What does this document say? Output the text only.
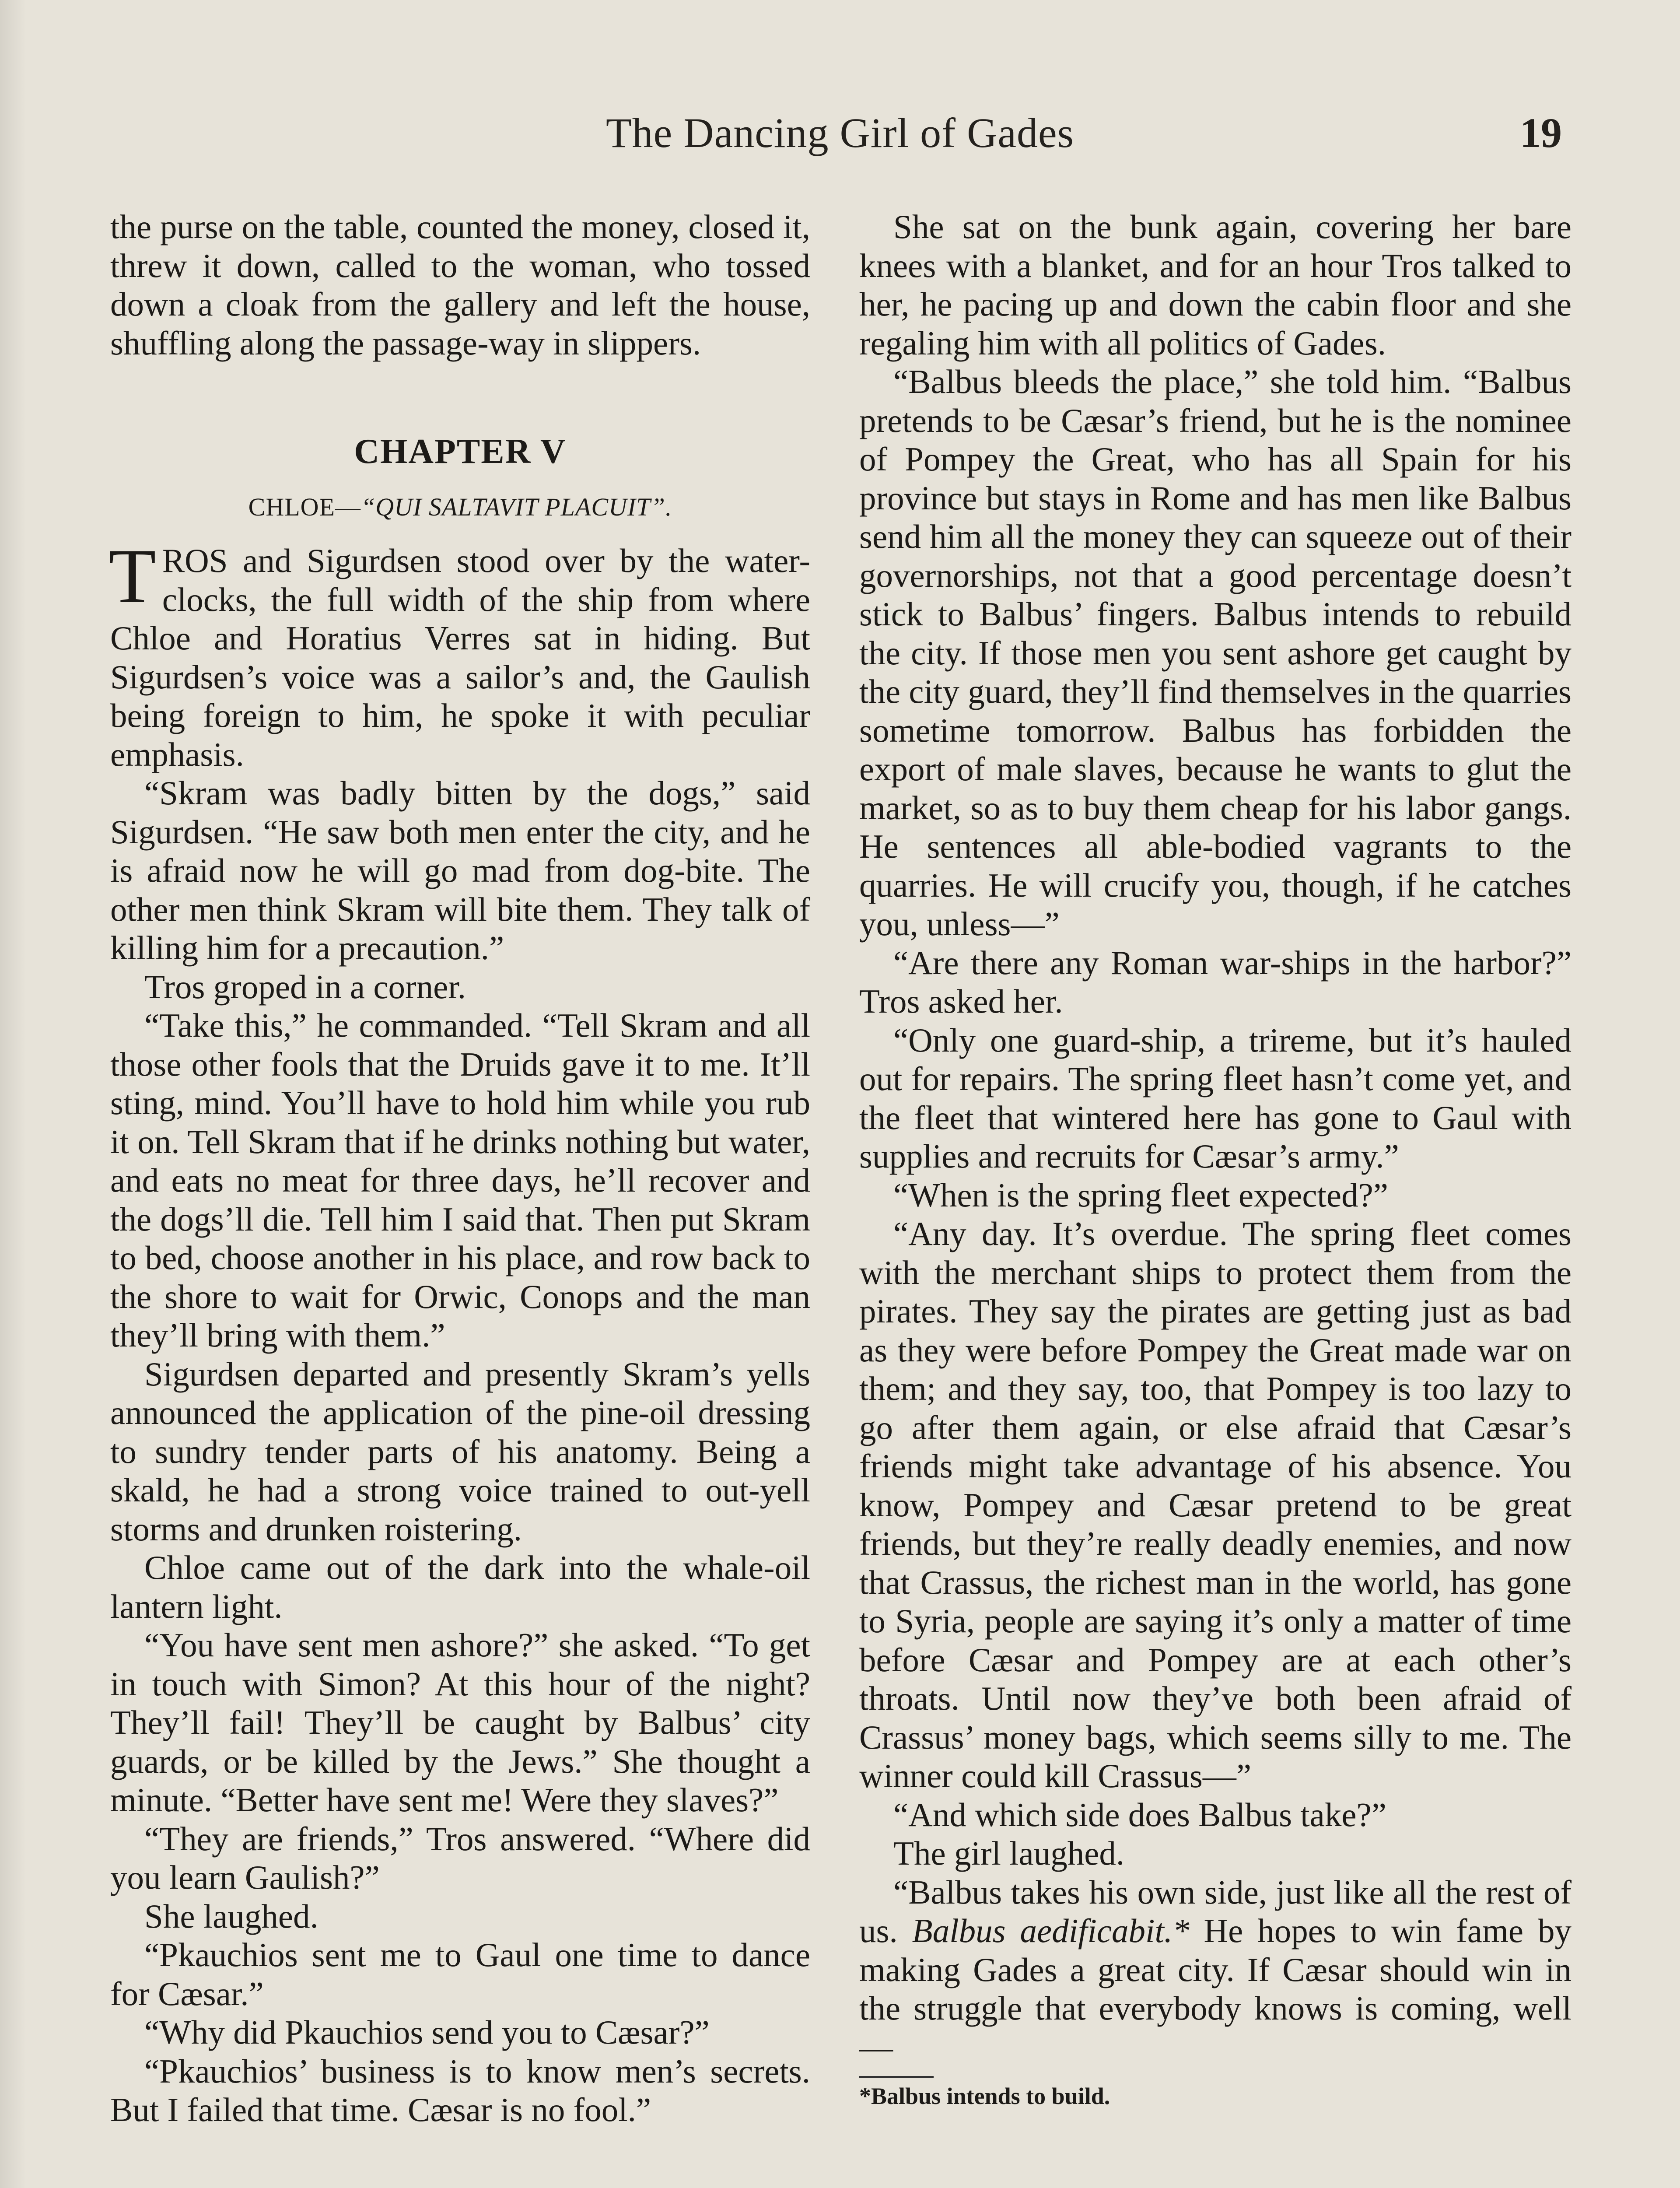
The Dancing Girl of Gades	19

the purse on the table, counted the money, closed it, threw it down, called to the woman, who tossed down a cloak from the gallery and left the house, shuffling along the passage-way in slippers.

CHAPTER V
CHLOE—“QUI SALTAVIT PLACUIT”.

TROS and Sigurdsen stood over by the water-clocks, the full width of the ship from where Chloe and Horatius Verres sat in hiding. But Sigurdsen’s voice was a sailor’s and, the Gaulish being foreign to him, he spoke it with peculiar emphasis.

“Skram was badly bitten by the dogs,” said Sigurdsen. “He saw both men enter the city, and he is afraid now he will go mad from dog-bite. The other men think Skram will bite them. They talk of killing him for a precaution.”

Tros groped in a corner.

“Take this,” he commanded. “Tell Skram and all those other fools that the Druids gave it to me. It’ll sting, mind. You’ll have to hold him while you rub it on. Tell Skram that if he drinks nothing but water, and eats no meat for three days, he’ll recover and the dogs’ll die. Tell him I said that. Then put Skram to bed, choose another in his place, and row back to the shore to wait for Orwic, Conops and the man they’ll bring with them.”

Sigurdsen departed and presently Skram’s yells announced the application of the pine-oil dressing to sundry tender parts of his anatomy. Being a skald, he had a strong voice trained to out-yell storms and drunken roistering.

Chloe came out of the dark into the whale-oil lantern light.

“You have sent men ashore?” she asked. “To get in touch with Simon? At this hour of the night? They’ll fail! They’ll be caught by Balbus’ city guards, or be killed by the Jews.” She thought a minute. “Better have sent me! Were they slaves?”

“They are friends,” Tros answered. “Where did you learn Gaulish?”

She laughed.

“Pkauchios sent me to Gaul one time to dance for Cæsar.”

“Why did Pkauchios send you to Cæsar?”

“Pkauchios’ business is to know men’s secrets. But I failed that time. Cæsar is no fool.”

She sat on the bunk again, covering her bare knees with a blanket, and for an hour Tros talked to her, he pacing up and down the cabin floor and she regaling him with all politics of Gades.

“Balbus bleeds the place,” she told him. “Balbus pretends to be Cæsar’s friend, but he is the nominee of Pompey the Great, who has all Spain for his province but stays in Rome and has men like Balbus send him all the money they can squeeze out of their governorships, not that a good percentage doesn’t stick to Balbus’ fingers. Balbus intends to rebuild the city. If those men you sent ashore get caught by the city guard, they’ll find themselves in the quarries sometime tomorrow. Balbus has forbidden the export of male slaves, because he wants to glut the market, so as to buy them cheap for his labor gangs. He sentences all able-bodied vagrants to the quarries. He will crucify you, though, if he catches you, unless—”

“Are there any Roman war-ships in the harbor?” Tros asked her.

“Only one guard-ship, a trireme, but it’s hauled out for repairs. The spring fleet hasn’t come yet, and the fleet that wintered here has gone to Gaul with supplies and recruits for Cæsar’s army.”

“When is the spring fleet expected?”

“Any day. It’s overdue. The spring fleet comes with the merchant ships to protect them from the pirates. They say the pirates are getting just as bad as they were before Pompey the Great made war on them; and they say, too, that Pompey is too lazy to go after them again, or else afraid that Cæsar’s friends might take advantage of his absence. You know, Pompey and Cæsar pretend to be great friends, but they’re really deadly enemies, and now that Crassus, the richest man in the world, has gone to Syria, people are saying it’s only a matter of time before Cæsar and Pompey are at each other’s throats. Until now they’ve both been afraid of Crassus’ money bags, which seems silly to me. The winner could kill Crassus—”

“And which side does Balbus take?”

The girl laughed.

“Balbus takes his own side, just like all the rest of us. Balbus aedificabit.* He hopes to win fame by making Gades a great city. If Cæsar should win in the struggle that everybody knows is coming, well—

*Balbus intends to build.
